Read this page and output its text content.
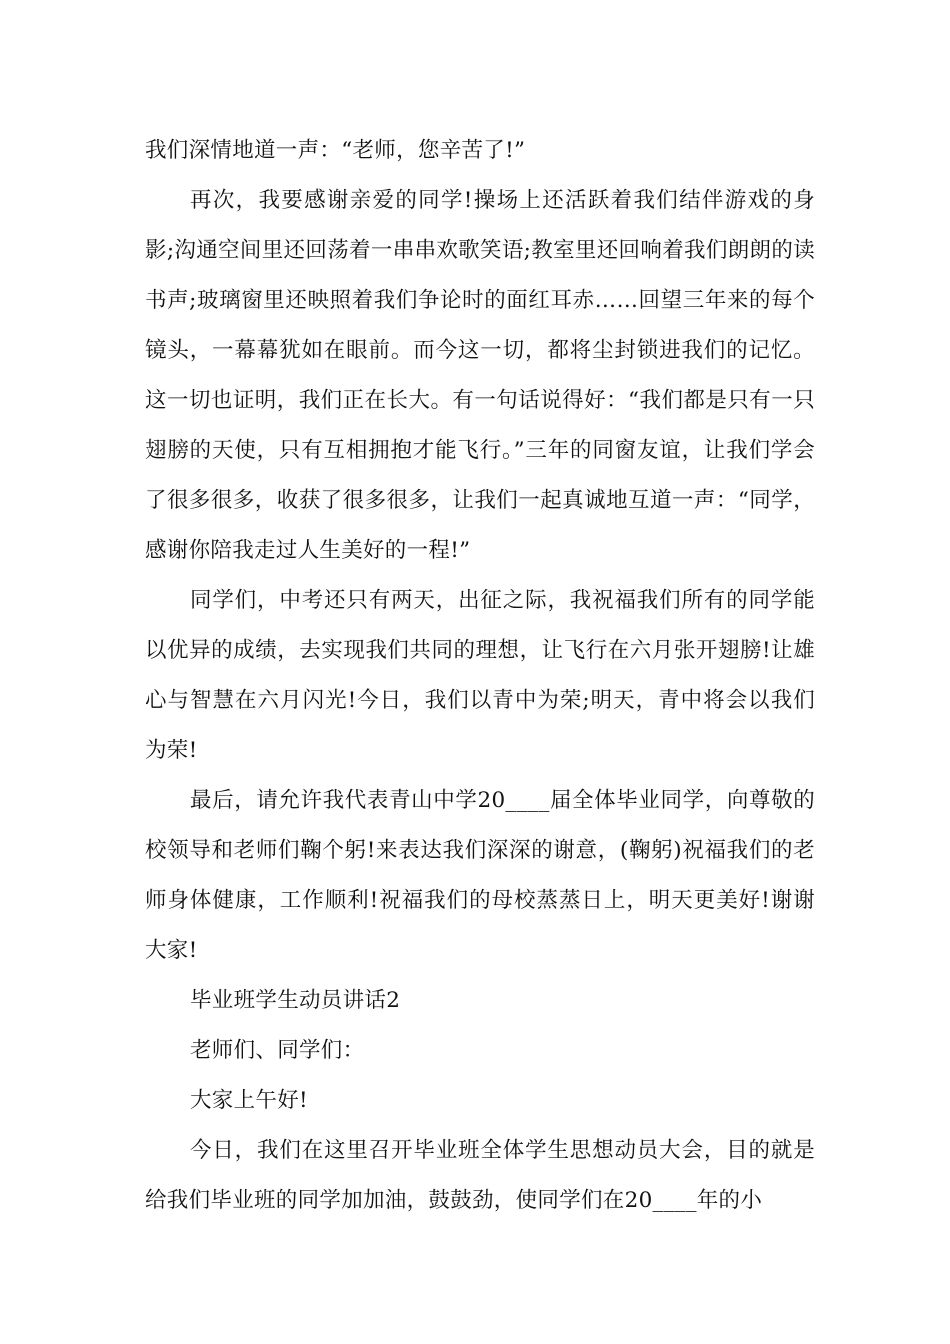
我们深情地道一声：“老师，您辛苦了!”

再次，我要感谢亲爱的同学!操场上还活跃着我们结伴游戏的身影;沟通空间里还回荡着一串串欢歌笑语;教室里还回响着我们朗朗的读书声;玻璃窗里还映照着我们争论时的面红耳赤……回望三年来的每个镜头，一幕幕犹如在眼前。而今这一切，都将尘封锁进我们的记忆。这一切也证明，我们正在长大。有一句话说得好：“我们都是只有一只翅膀的天使，只有互相拥抱才能飞行。”三年的同窗友谊，让我们学会了很多很多，收获了很多很多，让我们一起真诚地互道一声：“同学，感谢你陪我走过人生美好的一程!”

同学们，中考还只有两天，出征之际，我祝福我们所有的同学能以优异的成绩，去实现我们共同的理想，让飞行在六月张开翅膀!让雄心与智慧在六月闪光!今日，我们以青中为荣;明天，青中将会以我们为荣!

最后，请允许我代表青山中学20____届全体毕业同学，向尊敬的校领导和老师们鞠个躬!来表达我们深深的谢意，(鞠躬)祝福我们的老师身体健康，工作顺利!祝福我们的母校蒸蒸日上，明天更美好!谢谢大家!

毕业班学生动员讲话2

老师们、同学们：

大家上午好!

今日，我们在这里召开毕业班全体学生思想动员大会，目的就是给我们毕业班的同学加加油，鼓鼓劲，使同学们在20____年的小
